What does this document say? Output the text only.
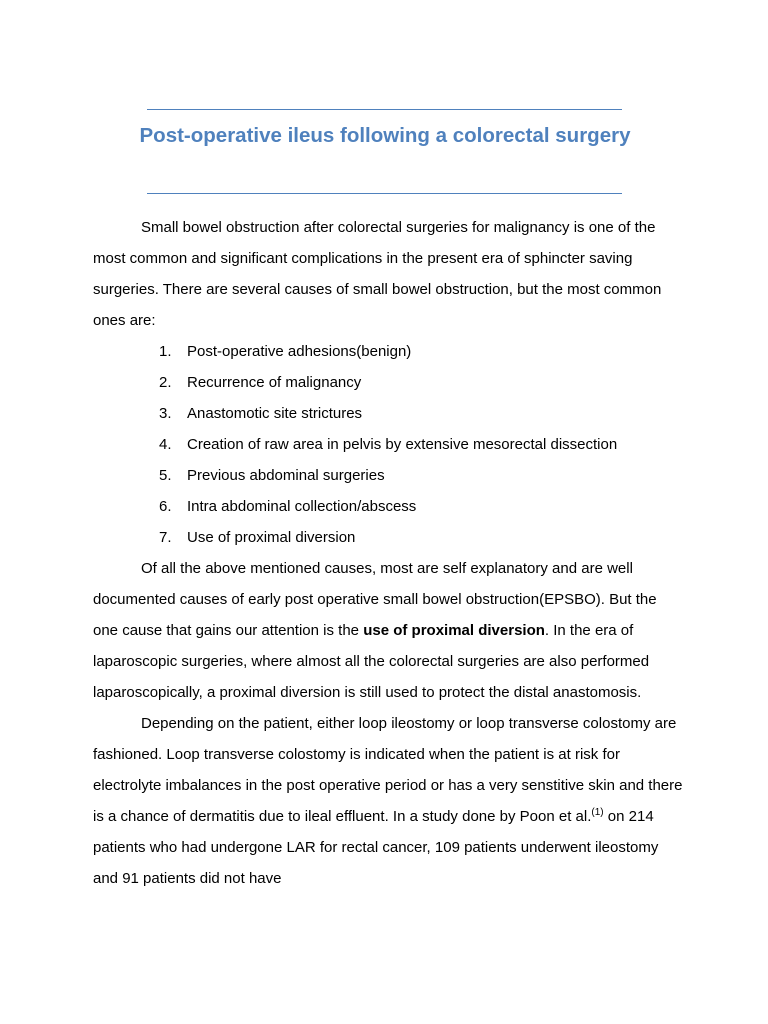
Post-operative ileus following a colorectal surgery

Small bowel obstruction after colorectal surgeries for malignancy is one of the most common and significant complications in the present era of sphincter saving surgeries. There are several causes of small bowel obstruction, but the most common ones are:

1.	Post-operative adhesions(benign)
2.	Recurrence of malignancy
3.	Anastomotic site strictures
4.	Creation of raw area in pelvis by extensive mesorectal dissection
5.	Previous abdominal surgeries
6.	Intra abdominal collection/abscess
7.	Use of proximal diversion

Of all the above mentioned causes, most are self explanatory and are well documented causes of early post operative small bowel obstruction(EPSBO). But the one cause that gains our attention is the use of proximal diversion. In the era of laparoscopic surgeries, where almost all the colorectal surgeries are also performed laparoscopically, a proximal diversion is still used to protect the distal anastomosis.

Depending on the patient, either loop ileostomy or loop transverse colostomy are fashioned. Loop transverse colostomy is indicated when the patient is at risk for electrolyte imbalances in the post operative period or has a very senstitive skin and there is a chance of dermatitis due to ileal effluent. In a study done by Poon et al.$^{(1)}$ on 214 patients who had undergone LAR for rectal cancer, 109 patients underwent ileostomy and 91 patients did not have
